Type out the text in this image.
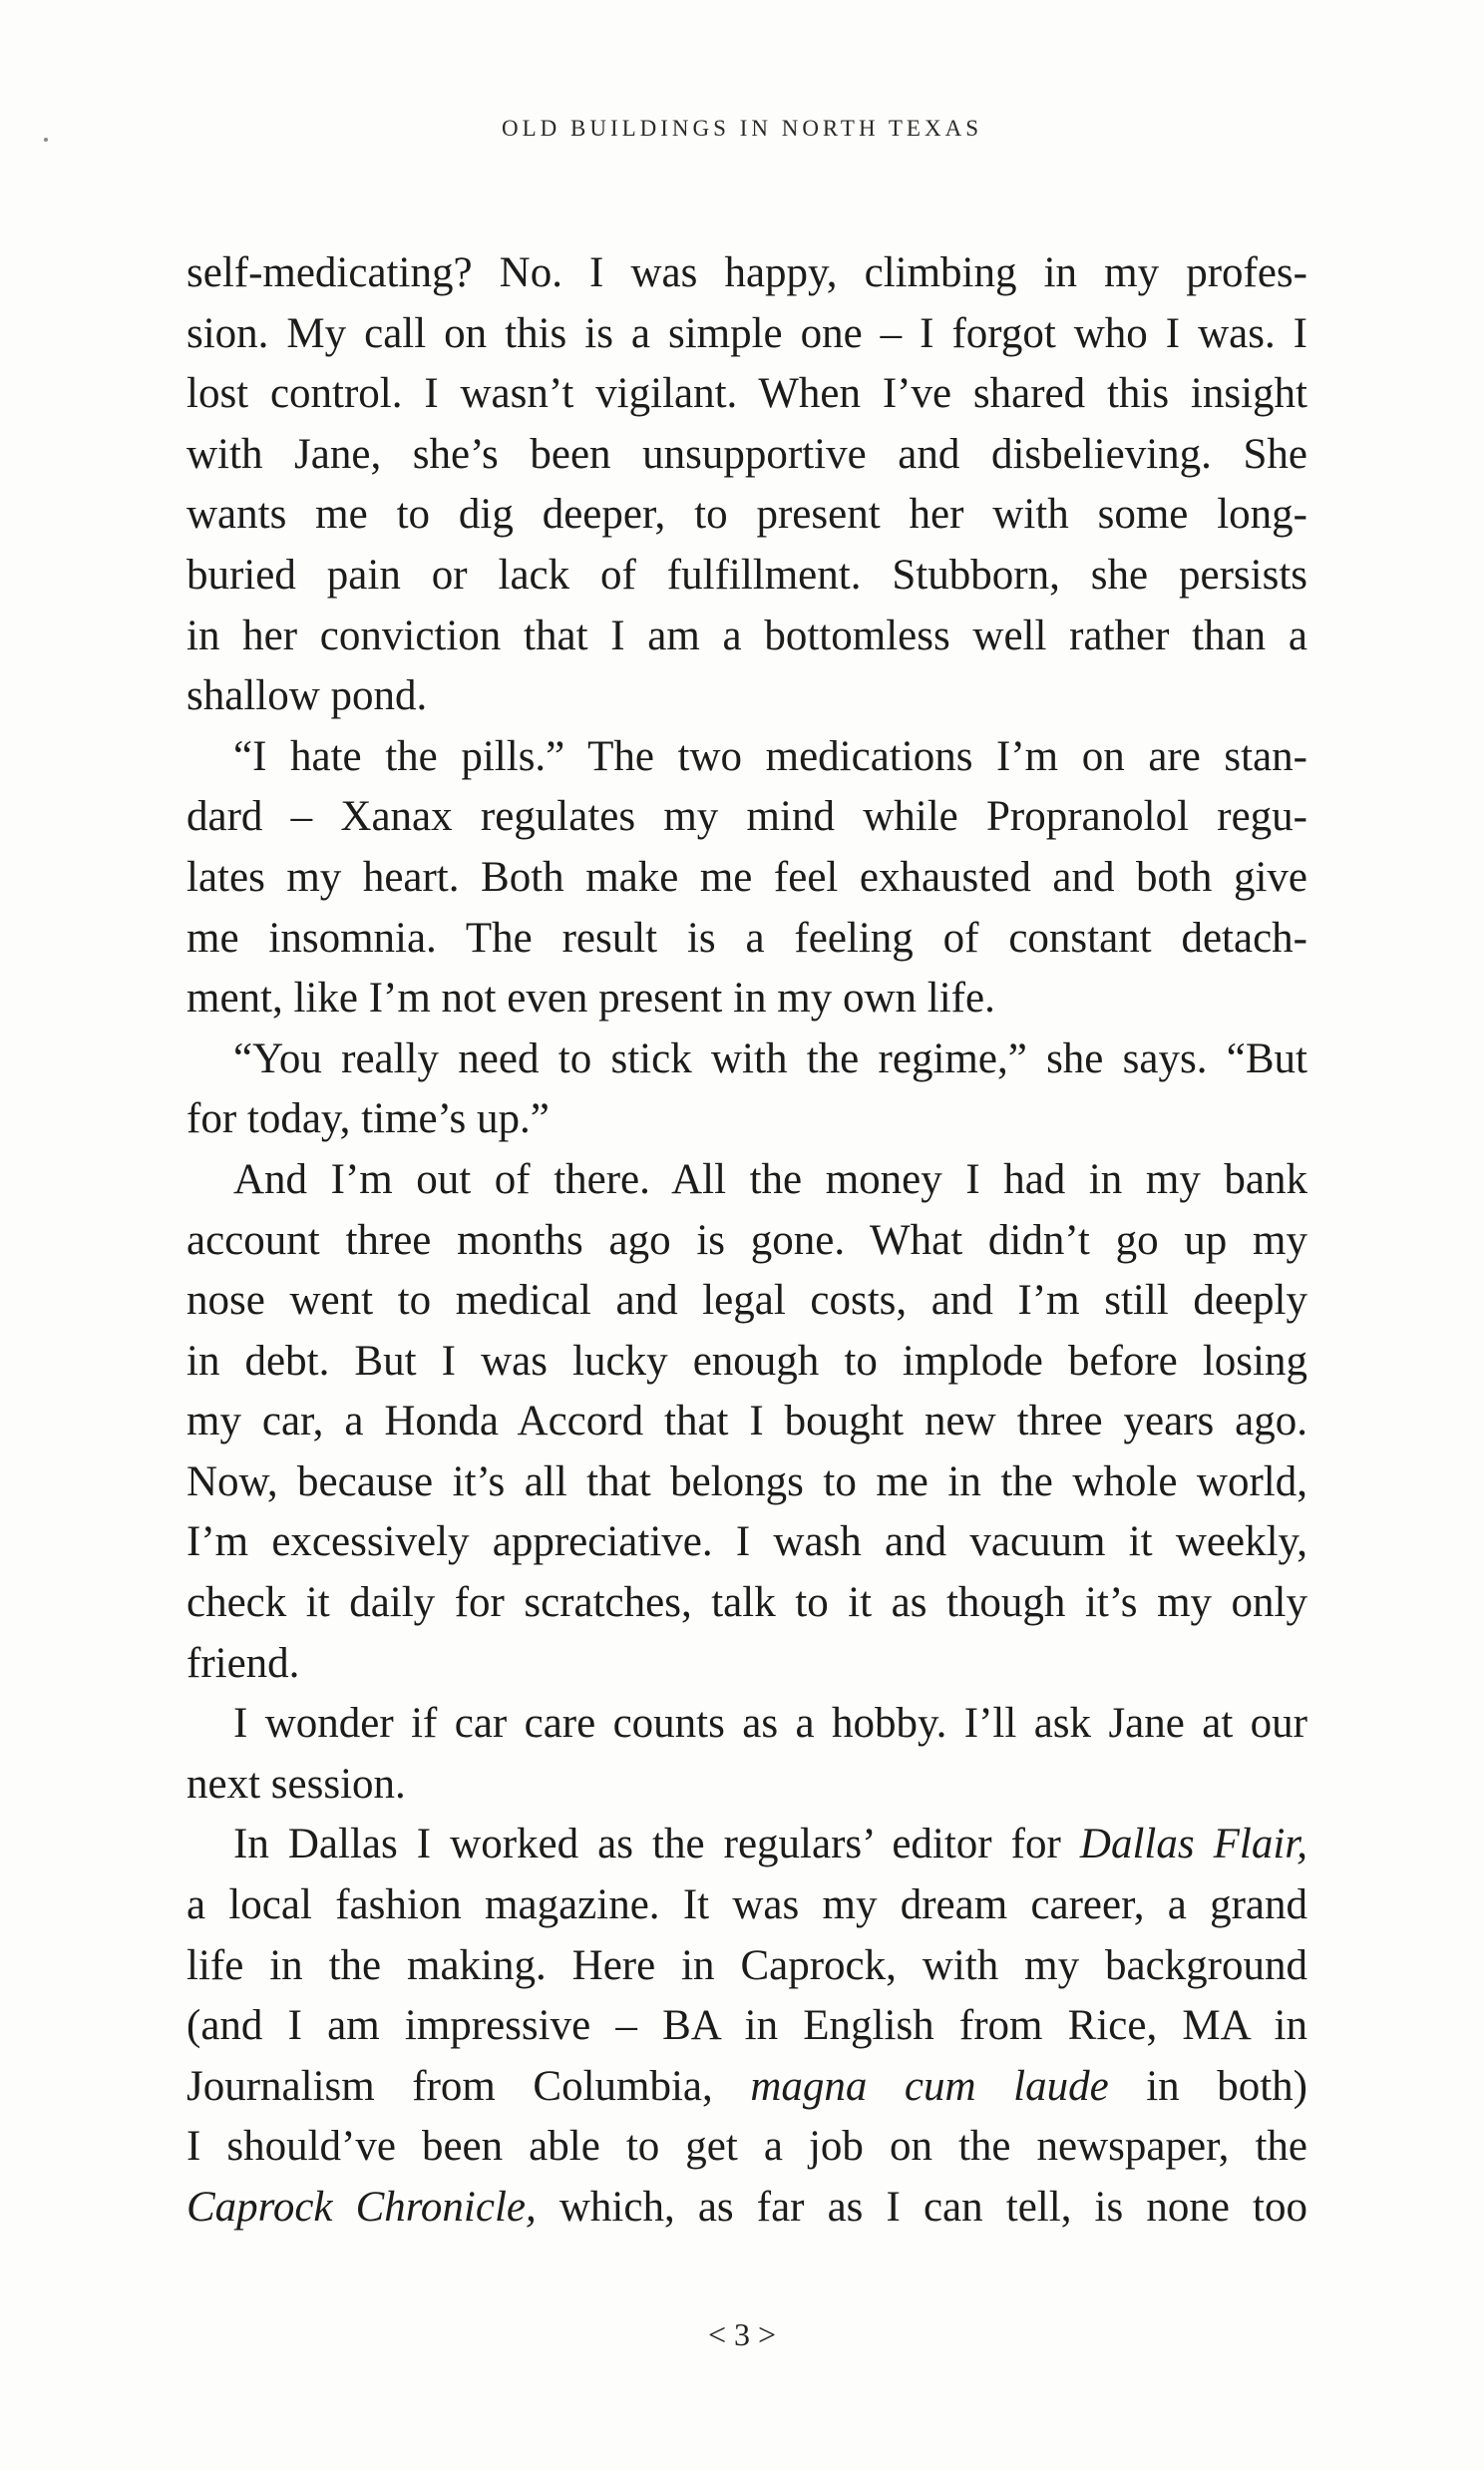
OLD BUILDINGS IN NORTH TEXAS
self-medicating? No. I was happy, climbing in my profes-
sion. My call on this is a simple one – I forgot who I was. I
lost control. I wasn’t vigilant. When I’ve shared this insight
with Jane, she’s been unsupportive and disbelieving. She
wants me to dig deeper, to present her with some long-
buried pain or lack of fulfillment. Stubborn, she persists
in her conviction that I am a bottomless well rather than a
shallow pond.
“I hate the pills.” The two medications I’m on are stan-
dard – Xanax regulates my mind while Propranolol regu-
lates my heart. Both make me feel exhausted and both give
me insomnia. The result is a feeling of constant detach-
ment, like I’m not even present in my own life.
“You really need to stick with the regime,” she says. “But
for today, time’s up.”
And I’m out of there. All the money I had in my bank
account three months ago is gone. What didn’t go up my
nose went to medical and legal costs, and I’m still deeply
in debt. But I was lucky enough to implode before losing
my car, a Honda Accord that I bought new three years ago.
Now, because it’s all that belongs to me in the whole world,
I’m excessively appreciative. I wash and vacuum it weekly,
check it daily for scratches, talk to it as though it’s my only
friend.
I wonder if car care counts as a hobby. I’ll ask Jane at our
next session.
In Dallas I worked as the regulars’ editor for Dallas Flair,
a local fashion magazine. It was my dream career, a grand
life in the making. Here in Caprock, with my background
(and I am impressive – BA in English from Rice, MA in
Journalism from Columbia, magna cum laude in both)
I should’ve been able to get a job on the newspaper, the
Caprock Chronicle, which, as far as I can tell, is none too
< 3 >
